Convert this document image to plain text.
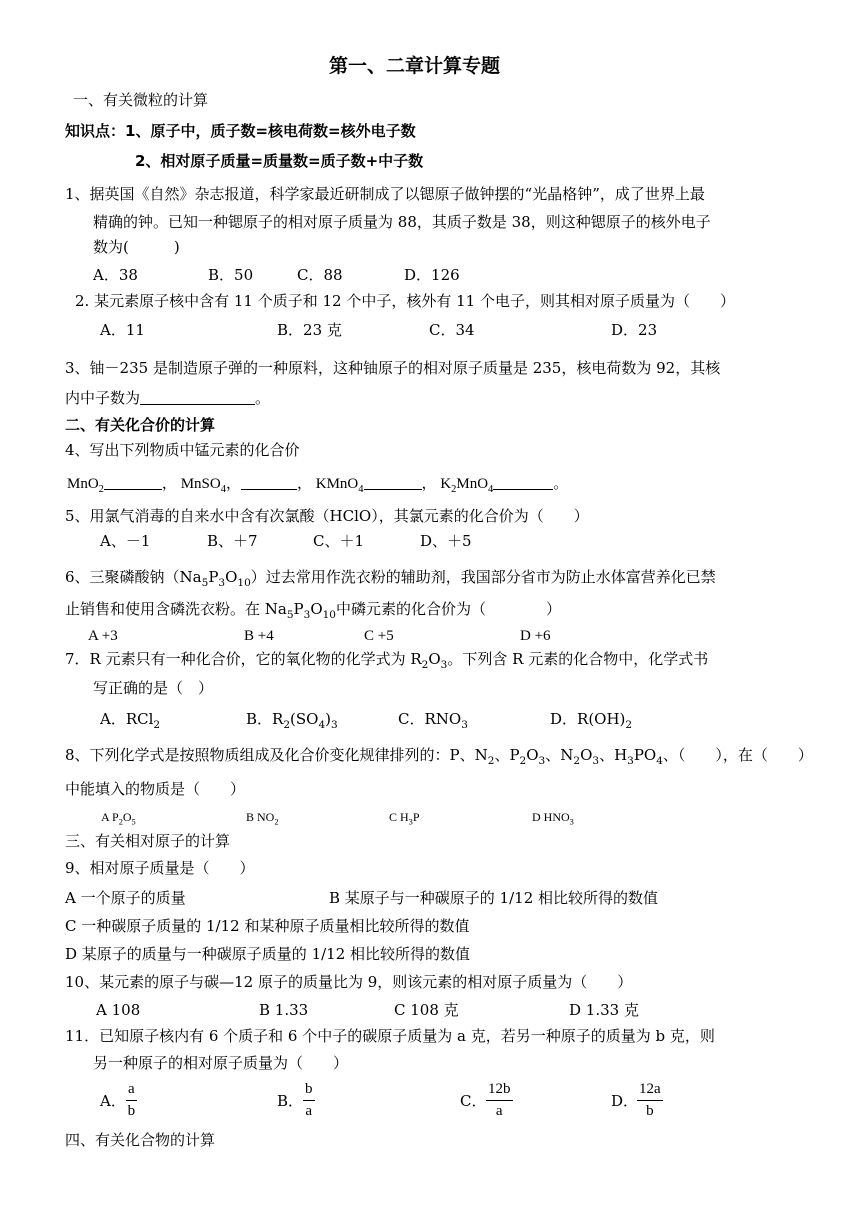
第一、二章计算专题
一、有关微粒的计算
知识点：1、原子中，质子数=核电荷数=核外电子数
2、相对原子质量=质量数=质子数+中子数
1、据英国《自然》杂志报道，科学家最近研制成了以锶原子做钟摆的“光晶格钟”，成了世界上最
精确的钟。已知一种锶原子的相对原子质量为 88，其质子数是 38，则这种锶原子的核外电子
数为(　　　)
A．38	B．50	C．88	D．126
2. 某元素原子核中含有 11 个质子和 12 个中子，核外有 11 个电子，则其相对原子质量为（　　）
A．11	B．23 克	C．34	D．23
3、铀－235 是制造原子弹的一种原料，这种铀原子的相对原子质量是 235，核电荷数为 92，其核
内中子数为	。
二、有关化合价的计算
4、写出下列物质中锰元素的化合价
MnO$_2$	， MnSO$_4$，	， KMnO$_4$	， $K_2MnO_4$	。
5、用氯气消毒的自来水中含有次氯酸（HClO），其氯元素的化合价为（　　）
A、－1	B、＋7	C、＋1	D、＋5
6、三聚磷酸钠$(Na_5P_3O_{10})$过去常用作洗衣粉的辅助剂，我国部分省市为防止水体富营养化已禁
止销售和使用含磷洗衣粉。在 $Na_5P_3O_{10}$中磷元素的化合价为（　　　　）
A +3	B +4	C +5	D +6
7．R 元素只有一种化合价，它的氧化物的化学式为 $R_2O_3$。下列含 R 元素的化合物中，化学式书
写正确的是（　）
A．RCl$_2$	B．$R_2(SO_4)_3$	C．$RNO_3$	D．$R(OH)_2$
8、下列化学式是按照物质组成及化合价变化规律排列的：P、$N_2$、$P_2O_3$、$N_2O_3$、$H_3PO_4$、（　　），在（　　）
中能填入的物质是（　　）
A $P_2O_5$	B $NO_2$	C $H_3P$	D $HNO_3$
三、有关相对原子的计算
9、相对原子质量是（　　）
A 一个原子的质量	B 某原子与一种碳原子的 1/12 相比较所得的数值
C 一种碳原子质量的 1/12 和某种原子质量相比较所得的数值
D 某原子的质量与一种碳原子质量的 1/12 相比较所得的数值
10、某元素的原子与碳—12 原子的质量比为 9，则该元素的相对原子质量为（　　）
A 108	B 1.33	C 108 克	D 1.33 克
11．已知原子核内有 6 个质子和 6 个中子的碳原子质量为 a 克，若另一种原子的质量为 b 克，则
另一种原子的相对原子质量为（　　）
A． $\frac{a}{b}$	B． $\frac{b}{a}$	C． $\frac{12b}{a}$	D．
$\frac{12a}{b}$
四、有关化合物的计算
